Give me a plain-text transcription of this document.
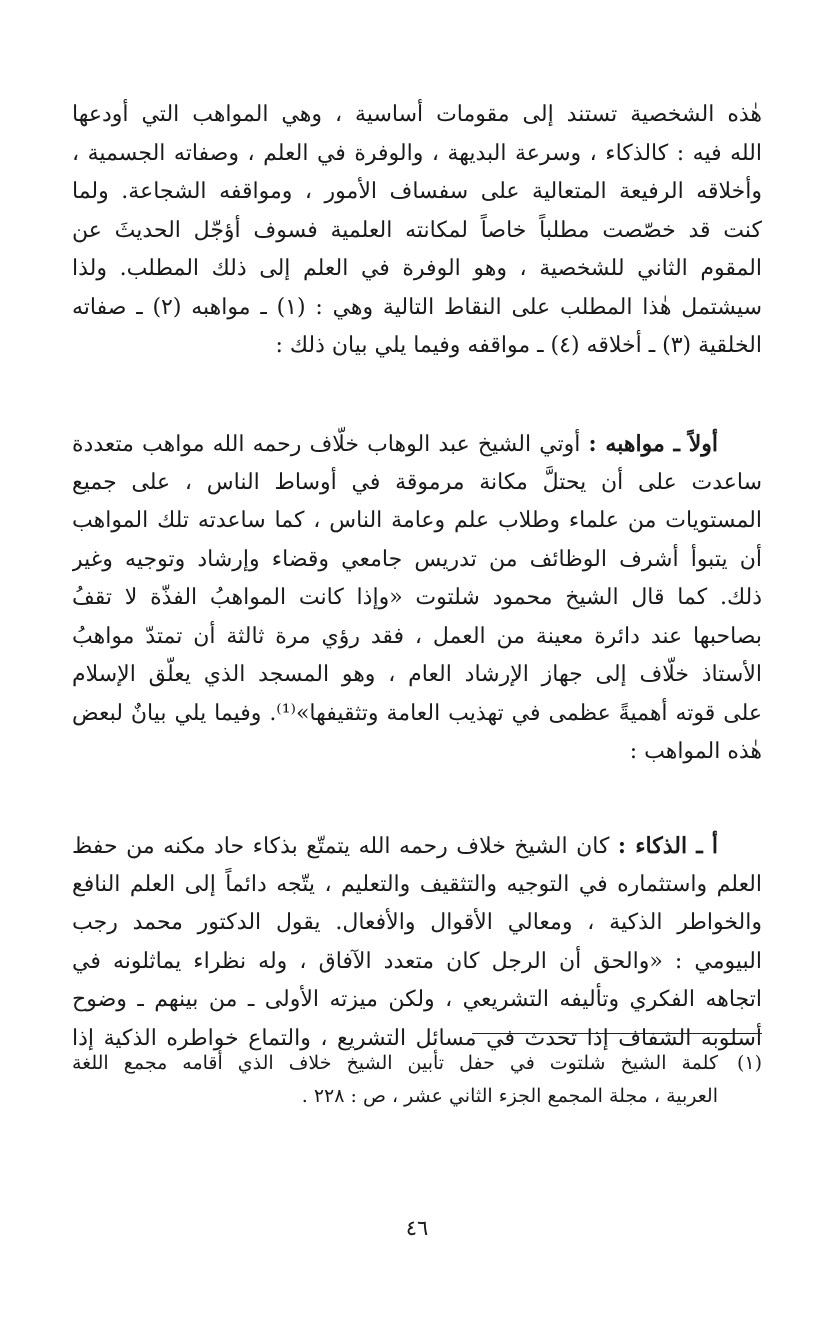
هٰذه الشخصية تستند إلى مقومات أساسية ، وهي المواهب التي أودعها
الله فيه : كالذكاء ، وسرعة البديهة ، والوفرة في العلم ، وصفاته الجسمية ،
وأخلاقه الرفيعة المتعالية على سفساف الأمور ، ومواقفه الشجاعة. ولما
كنت قد خصّصت مطلباً خاصاً لمكانته العلمية فسوف أؤجّل الحديثَ عن
المقوم الثاني للشخصية ، وهو الوفرة في العلم إلى ذلك المطلب. ولذا
سيشتمل هٰذا المطلب على النقاط التالية وهي : (١) ـ مواهبه (٢) ـ صفاته
الخلقية (٣) ـ أخلاقه (٤) ـ مواقفه وفيما يلي بيان ذلك :
أولاً ـ مواهبه : أوتي الشيخ عبد الوهاب خلّاف رحمه الله مواهب متعددة
ساعدت على أن يحتلَّ مكانة مرموقة في أوساط الناس ، على جميع
المستويات من علماء وطلاب علم وعامة الناس ، كما ساعدته تلك المواهب
أن يتبوأ أشرف الوظائف من تدريس جامعي وقضاء وإرشاد وتوجيه وغير
ذلك. كما قال الشيخ محمود شلتوت «وإذا كانت المواهبُ الفذّة لا تقفُ
بصاحبها عند دائرة معينة من العمل ، فقد رؤي مرة ثالثة أن تمتدّ مواهبُ
الأستاذ خلّاف إلى جهاز الإرشاد العام ، وهو المسجد الذي يعلّق الإسلام
على قوته أهميةً عظمى في تهذيب العامة وتثقيفها»⁽¹⁾. وفيما يلي بيانٌ لبعض
هٰذه المواهب :
أ ـ الذكاء : كان الشيخ خلاف رحمه الله يتمتّع بذكاء حاد مكنه من حفظ
العلم واستثماره في التوجيه والتثقيف والتعليم ، يتّجه دائماً إلى العلم النافع
والخواطر الذكية ، ومعالي الأقوال والأفعال. يقول الدكتور محمد رجب
البيومي : «والحق أن الرجل كان متعدد الآفاق ، وله نظراء يماثلونه في
اتجاهه الفكري وتأليفه التشريعي ، ولكن ميزته الأولى ـ من بينهم ـ وضوح
أسلوبه الشفاف إذا تحدث في مسائل التشريع ، والتماع خواطره الذكية إذا
(١)
كلمة الشيخ شلتوت في حفل تأبين الشيخ خلاف الذي أقامه مجمع اللغة
العربية ، مجلة المجمع الجزء الثاني عشر ، ص : ٢٢٨ .
٤٦
